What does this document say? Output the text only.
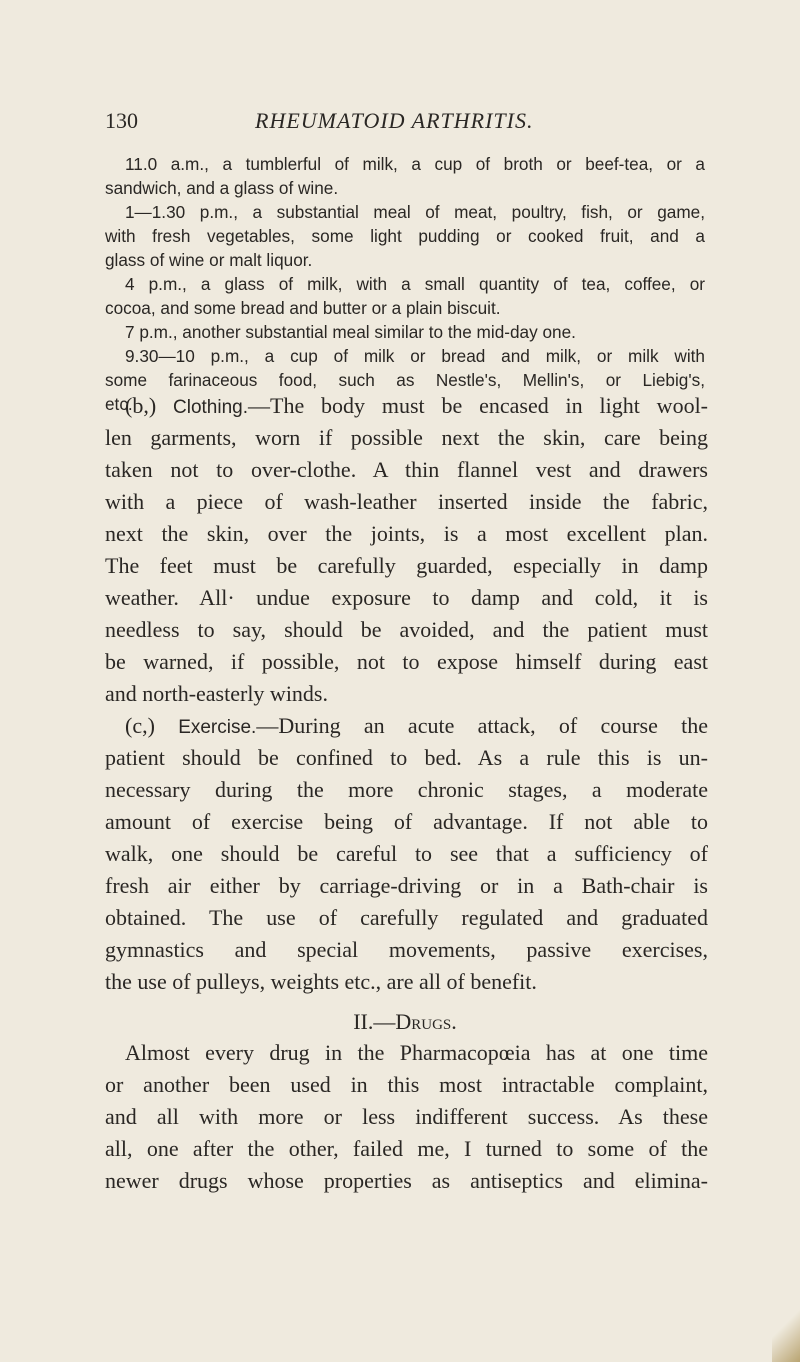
130	RHEUMATOID ARTHRITIS.
11.0 a.m., a tumblerful of milk, a cup of broth or beef-tea, or a
sandwich, and a glass of wine.
1—1.30 p.m., a substantial meal of meat, poultry, fish, or game,
with fresh vegetables, some light pudding or cooked fruit, and a
glass of wine or malt liquor.
4 p.m., a glass of milk, with a small quantity of tea, coffee, or
cocoa, and some bread and butter or a plain biscuit.
7 p.m., another substantial meal similar to the mid-day one.
9.30—10 p.m., a cup of milk or bread and milk, or milk with
some farinaceous food, such as Nestle's, Mellin's, or Liebig's,
etc.
(b,) Clothing.—The body must be encased in light wool-
len garments, worn if possible next the skin, care being
taken not to over-clothe. A thin flannel vest and drawers
with a piece of wash-leather inserted inside the fabric,
next the skin, over the joints, is a most excellent plan.
The feet must be carefully guarded, especially in damp
weather. All· undue exposure to damp and cold, it is
needless to say, should be avoided, and the patient must
be warned, if possible, not to expose himself during east
and north-easterly winds.
(c,) Exercise.—During an acute attack, of course the
patient should be confined to bed. As a rule this is un-
necessary during the more chronic stages, a moderate
amount of exercise being of advantage. If not able to
walk, one should be careful to see that a sufficiency of
fresh air either by carriage-driving or in a Bath-chair is
obtained. The use of carefully regulated and graduated
gymnastics and special movements, passive exercises,
the use of pulleys, weights etc., are all of benefit.
II.—Drugs.
Almost every drug in the Pharmacopœia has at one time
or another been used in this most intractable complaint,
and all with more or less indifferent success. As these
all, one after the other, failed me, I turned to some of the
newer drugs whose properties as antiseptics and elimina-
